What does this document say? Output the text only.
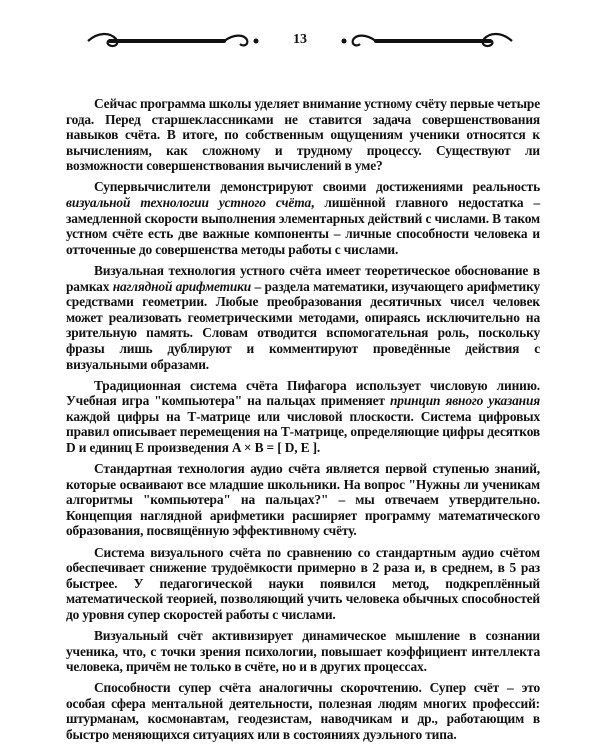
13

Сейчас программа школы уделяет внимание устному счёту первые четыре года. Перед старшеклассниками не ставится задача совершенствования навыков счёта. В итоге, по собственным ощущениям ученики относятся к вычислениям, как сложному и трудному процессу. Существуют ли возможности совершенствования вычислений в уме?

Супервычислители демонстрируют своими достижениями реальность визуальной технологии устного счёта, лишённой главного недостатка – замедленной скорости выполнения элементарных действий с числами. В таком устном счёте есть две важные компоненты – личные способности человека и отточенные до совершенства методы работы с числами.

Визуальная технология устного счёта имеет теоретическое обоснование в рамках наглядной арифметики – раздела математики, изучающего арифметику средствами геометрии. Любые преобразования десятичных чисел человек может реализовать геометрическими методами, опираясь исключительно на зрительную память. Словам отводится вспомогательная роль, поскольку фразы лишь дублируют и комментируют проведённые действия с визуальными образами.

Традиционная система счёта Пифагора использует числовую линию. Учебная игра "компьютера" на пальцах применяет принцип явного указания каждой цифры на Т-матрице или числовой плоскости. Система цифровых правил описывает перемещения на Т-матрице, определяющие цифры десятков D и единиц E произведения A × B = [ D, E ].

Стандартная технология аудио счёта является первой ступенью знаний, которые осваивают все младшие школьники. На вопрос "Нужны ли ученикам алгоритмы "компьютера" на пальцах?" – мы отвечаем утвердительно. Концепция наглядной арифметики расширяет программу математического образования, посвящённую эффективному счёту.

Система визуального счёта по сравнению со стандартным аудио счётом обеспечивает снижение трудоёмкости примерно в 2 раза и, в среднем, в 5 раз быстрее. У педагогической науки появился метод, подкреплённый математической теорией, позволяющий учить человека обычных способностей до уровня супер скоростей работы с числами.

Визуальный счёт активизирует динамическое мышление в сознании ученика, что, с точки зрения психологии, повышает коэффициент интеллекта человека, причём не только в счёте, но и в других процессах.

Способности супер счёта аналогичны скорочтению. Супер счёт – это особая сфера ментальной деятельности, полезная людям многих профессий: штурманам, космонавтам, геодезистам, наводчикам и др., работающим в быстро меняющихся ситуациях или в состояниях дуэльного типа.
